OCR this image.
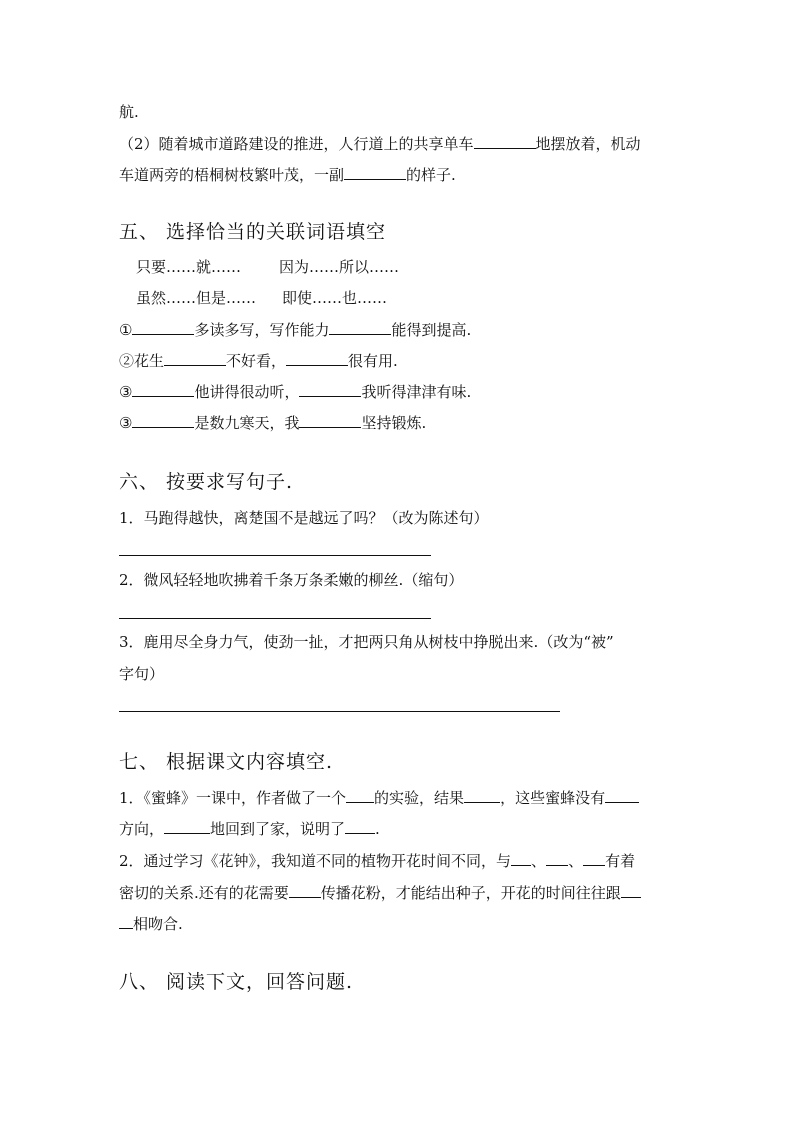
航.
（2）随着城市道路建设的推进，人行道上的共享单车	地摆放着，机动
车道两旁的梧桐树枝繁叶茂，一副	的样子.
五、 选择恰当的关联词语填空
只要……就……	因为……所以……
虽然……但是…… 即使……也……
①	多读多写，写作能力	能得到提高.
②花生	不好看，	很有用.
③	他讲得很动听，	我听得津津有味.
③	是数九寒天，我	坚持锻炼.
六、 按要求写句子.
1．马跑得越快，离楚国不是越远了吗？（改为陈述句）
2．微风轻轻地吹拂着千条万条柔嫩的柳丝.（缩句）
3．鹿用尽全身力气，使劲一扯，才把两只角从树枝中挣脱出来.（改为“被”
字句）
七、 根据课文内容填空.
1．《蜜蜂》一课中，作者做了一个 的实验，结果 ，这些蜜蜂没有
方向，	地回到了家，说明了 .
2．通过学习《花钟》，我知道不同的植物开花时间不同，与 、 、 有着
密切的关系.还有的花需要 传播花粉，才能结出种子，开花的时间往往跟
相吻合.
八、 阅读下文，回答问题.
